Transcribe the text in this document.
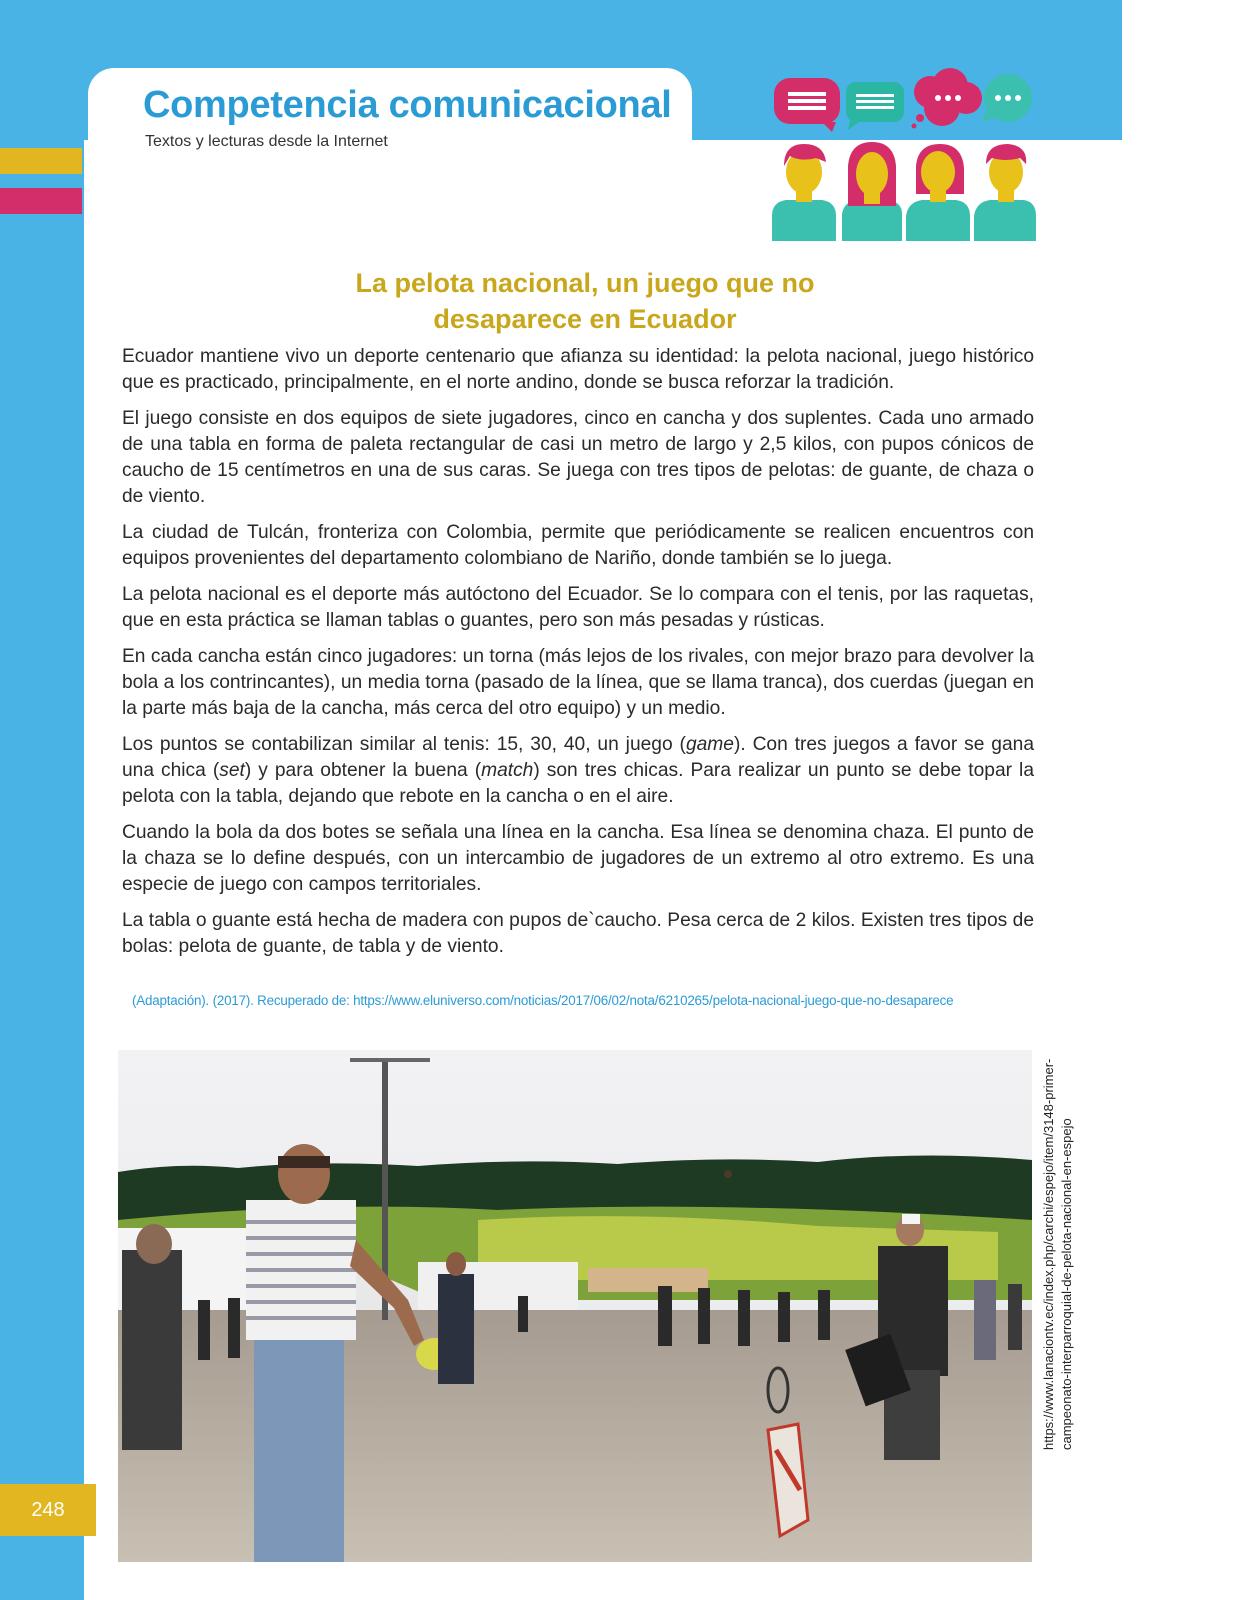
Competencia comunicacional
Textos y lecturas desde la Internet
La pelota nacional, un juego que no
desaparece en Ecuador

Ecuador mantiene vivo un deporte centenario que afianza su identidad: la pelota nacional, juego histórico que es practicado, principalmente, en el norte andino, donde se busca reforzar la tradición.

El juego consiste en dos equipos de siete jugadores, cinco en cancha y dos suplentes. Cada uno armado de una tabla en forma de paleta rectangular de casi un metro de largo y 2,5 kilos, con pupos cónicos de caucho de 15 centímetros en una de sus caras. Se juega con tres tipos de pelotas: de guante, de chaza o de viento.

La ciudad de Tulcán, fronteriza con Colombia, permite que periódicamente se realicen encuentros con equipos provenientes del departamento colombiano de Nariño, donde también se lo juega.

La pelota nacional es el deporte más autóctono del Ecuador. Se lo compara con el tenis, por las raquetas, que en esta práctica se llaman tablas o guantes, pero son más pesadas y rústicas.

En cada cancha están cinco jugadores: un torna (más lejos de los rivales, con mejor brazo para devolver la bola a los contrincantes), un media torna (pasado de la línea, que se llama tranca), dos cuerdas (juegan en la parte más baja de la cancha, más cerca del otro equipo) y un medio.

Los puntos se contabilizan similar al tenis: 15, 30, 40, un juego (game). Con tres juegos a favor se gana una chica (set) y para obtener la buena (match) son tres chicas. Para realizar un punto se debe topar la pelota con la tabla, dejando que rebote en la cancha o en el aire.

Cuando la bola da dos botes se señala una línea en la cancha. Esa línea se denomina chaza. El punto de la chaza se lo define después, con un intercambio de jugadores de un extremo al otro extremo. Es una especie de juego con campos territoriales.

La tabla o guante está hecha de madera con pupos de`caucho. Pesa cerca de 2 kilos. Existen tres tipos de bolas: pelota de guante, de tabla y de viento.

(Adaptación). (2017). Recuperado de: https://www.eluniverso.com/noticias/2017/06/02/nota/6210265/pelota-nacional-juego-que-no-desaparece
https://www.lanaciontv.ec/index.php/carchi/espejo/item/3148-primer- campeonato-interparroquial-de-pelota-nacional-en-espejo
248
